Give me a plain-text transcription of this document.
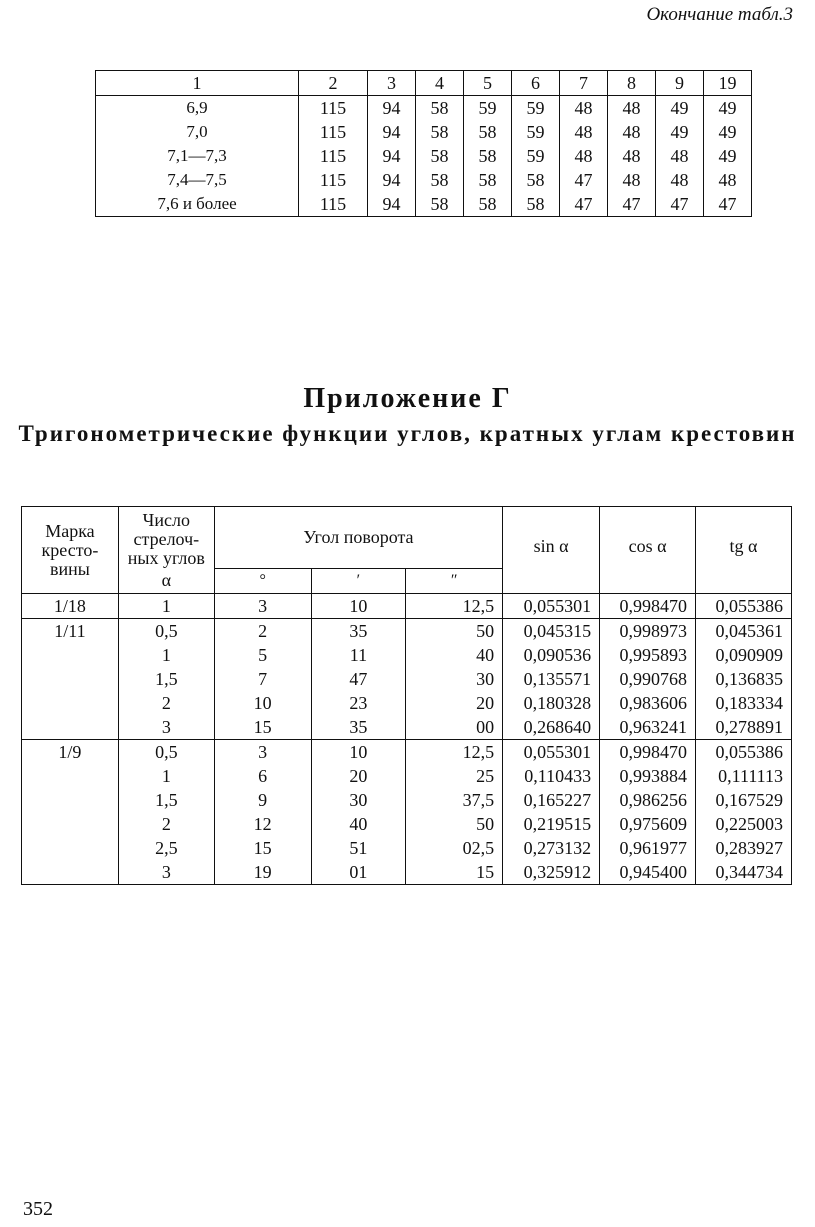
Окончание табл.3
1	2	3	4	5	6	7	8	9	19
6,9	115	94	58	59	59	48	48	49	49
7,0	115	94	58	58	59	48	48	49	49
7,1—7,3	115	94	58	58	59	48	48	48	49
7,4—7,5	115	94	58	58	58	47	48	48	48
7,6 и более	115	94	58	58	58	47	47	47	47
Приложение Г
Тригонометрические функции углов, кратных углам крестовин
Марка кресто-вины	Число стрелоч-ных углов	Угол поворота			sin α	cos α	tg α
	α	°	′	″			
1/18	1	3	10	12,5	0,055301	0,998470	0,055386
1/11	0,5	2	35	50	0,045315	0,998973	0,045361
	1	5	11	40	0,090536	0,995893	0,090909
	1,5	7	47	30	0,135571	0,990768	0,136835
	2	10	23	20	0,180328	0,983606	0,183334
	3	15	35	00	0,268640	0,963241	0,278891
1/9	0,5	3	10	12,5	0,055301	0,998470	0,055386
	1	6	20	25	0,110433	0,993884	0,111113
	1,5	9	30	37,5	0,165227	0,986256	0,167529
	2	12	40	50	0,219515	0,975609	0,225003
	2,5	15	51	02,5	0,273132	0,961977	0,283927
	3	19	01	15	0,325912	0,945400	0,344734
352
